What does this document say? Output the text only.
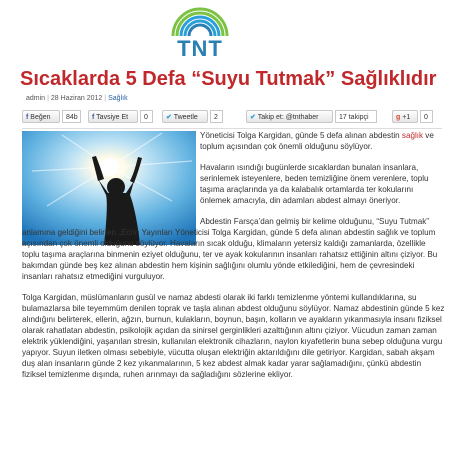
TNT
Sıcaklarda 5 Defa “Suyu Tutmak” Sağlıklıdır
admin | 28 Haziran 2012 | Sağlık
f Beğen	84b	f Tavsiye Et	0	✔ Tweetle	2	✔ Takip et: @tnthaber	17 takipçi	g +1	0

Yöneticisi Tolga Kargidan, günde 5 defa alınan abdestin sağlık ve toplum açısından çok önemli olduğunu söylüyor.

Havaların ısındığı bugünlerde sıcaklardan bunalan insanlara, serinlemek isteyenlere, beden temizliğine önem verenlere, toplu taşıma araçlarında ya da kalabalık ortamlarda ter kokularını önlemek amacıyla, din adamları abdest almayı öneriyor.

Abdestin Farsça’dan gelmiş bir kelime olduğunu, “Suyu Tutmak” anlamına geldiğini belirten „Ecrin Yayınları Yöneticisi Tolga Kargidan, günde 5 defa alınan abdestin sağlık ve toplum açısından çok önemli olduğunu söylüyor. Havaların sıcak olduğu, klimaların yetersiz kaldığı zamanlarda, özellikle toplu taşıma araçlarına binmenin eziyet olduğunu, ter ve ayak kokularının insanları rahatsız ettiğinin altını çiziyor. Bu bakımdan günde beş kez alınan abdestin hem kişinin sağlığını olumlu yönde etkilediğini, hem de çevresindeki insanları rahatsız etmediğini vurguluyor.

Tolga Kargidan, müslümanların gusül ve namaz abdesti olarak iki farklı temizlenme yöntemi kullandıklarına, su bulamazlarsa bile teyemmüm denilen toprak ve taşla alınan abdest olduğunu söylüyor. Namaz abdestinin günde 5 kez alındığını belirterek, ellerin, ağzın, burnun, kulakların, boynun, başın, kolların ve ayakların yıkanmasıyla insanı fiziksel olarak rahatlatan abdestin, psikolojik açıdan da sinirsel gerginlikleri azalttığının altını çiziyor. Vücudun zaman zaman elektrik yüklendiğini, yaşanılan stresin, kullanılan elektronik cihazların, naylon kıyafetlerin buna sebep olduğuna vurgu yapıyor. Suyun iletken olması sebebiyle, vücutta oluşan elektriğin aktarıldığını dile getiriyor. Kargidan, sabah akşam duş alan insanların günde 2 kez yıkanmalarının, 5 kez abdest almak kadar yarar sağlamadığını, çünkü abdestin fiziksel temizlenme dışında, ruhen arınmayı da sağladığını sözlerine ekliyor.
